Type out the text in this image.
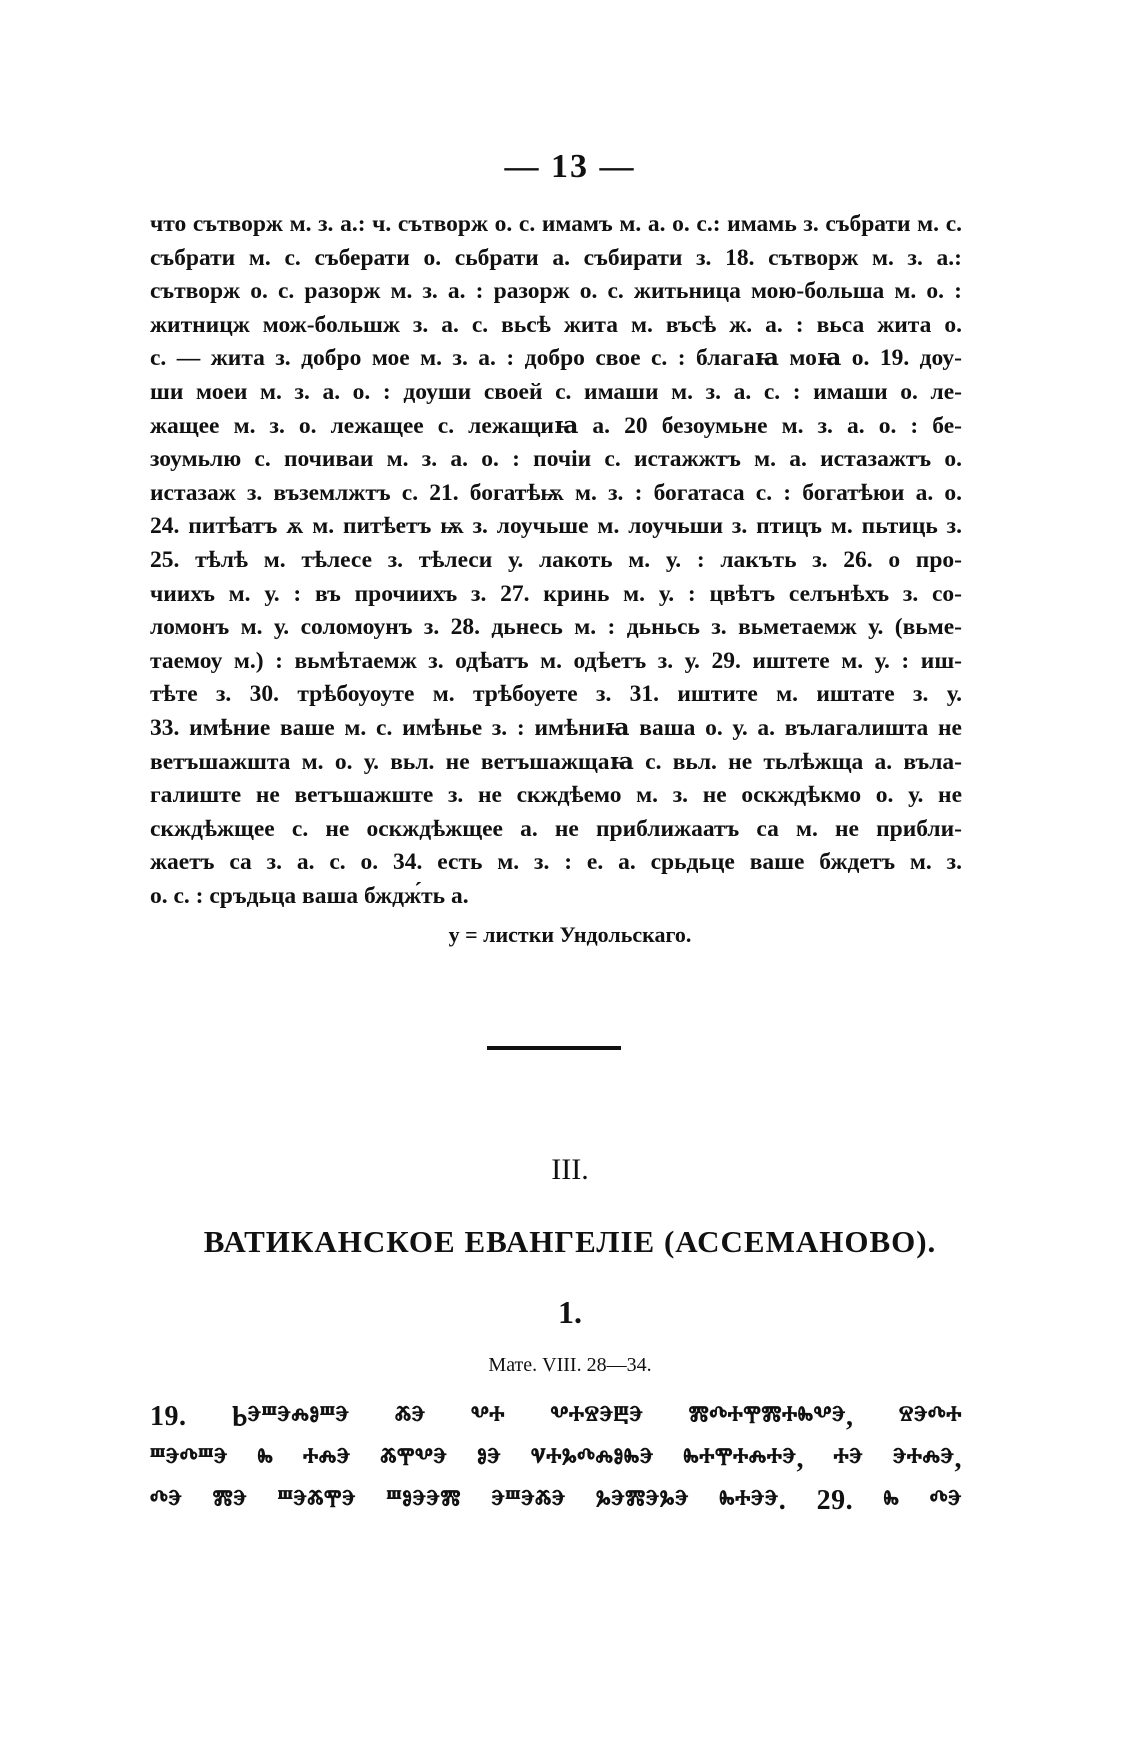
— 13 —
что сътворж м. з. а.: ч. сътворж о. с. имамъ м. а. о. с.: имамь з. събрати м. с.
събрати м. с. съберати о. сьбрати а. събирати з. 18. сътворж м. з. а.:
сътворж о. с. разорж м. з. а. : разорж о. с. житьница мою-больша м. о. :
житницж мож-большж з. а. с. вьсѣ жита м. въсѣ ж. а. : вьса жита о.
с. — жита з. добро мое м. з. а. : добро свое с. : благаꙗ моꙗ о. 19. доу-
ши моеи м. з. а. о. : доуши своей с. имаши м. з. а. с. : имаши о. ле-
жащее м. з. о. лежащее с. лежащиꙗ а. 20 безоумьне м. з. а. о. : бе-
зоумьлю с. почиваи м. з. а. о. : почiи с. истажжтъ м. а. истазажтъ о.
истазаж з. въземлжтъ с. 21. богатѣѭ м. з. : богатаса с. : богатѣюи а. о.
24. питѣатъ ѫ м. питѣетъ ѭ з. лоучьше м. лоучьши з. птицъ м. пьтиць з.
25. тѣлѣ м. тѣлесе з. тѣлеси у. лакоть м. у. : лакъть з. 26. о про-
чиихъ м. у. : въ прочиихъ з. 27. кринь м. у. : цвѣтъ селънѣхъ з. со-
ломонъ м. у. соломоунъ з. 28. дьнесь м. : дьньсь з. вьметаемж у. (вьме-
таемоу м.) : вьмѣтаемж з. одѣатъ м. одѣетъ з. у. 29. иштете м. у. : иш-
тѣте з. 30. трѣбоуоуте м. трѣбоуете з. 31. иштите м. иштате з. у.
33. имѣние ваше м. с. имѣнье з. : имѣниꙗ ваша о. у. а. вълагалишта не
ветъшажшта м. о. у. вьл. не ветъшажщаꙗ с. вьл. не тьлѣжща а. вълa-
галиште не ветъшажште з. не скждѣемо м. з. не оскждѣкмо о. у. не
скждѣжщее с. не оскждѣжщее а. не приближаатъ са м. не прибли-
жаетъ са з. а. с. о. 34. есть м. з. : е. а. срьдьце ваше бждетъ м. з.
о. с. : сръдьца ваша бждж́ть а.
у = листки Ундольскаго.
III.
ВАТИКАНСКОЕ ЕВАНГЕЛІЕ (АССЕМАНОВО).
1.
Мате. VIII. 28—34.
19. Ⱃⰵⱎⰵⰾⱁⱎⰵ ⰶⰵ ⰲⰰ ⰲⰰⱄⰵⰱⰵ ⰿⰴⰰⰹⰿⰰⰸⰲⰵ, ⱄⰵⰴⰰ
ⱎⰵⰴⱎⰵ ⰸ ⰰⰾⰵ ⰶⰹⰲⰵ ⱁⰵ ⱌⰰⰳⰴⰾⱁⰸⰵ ⰸⰰⰹⰰⰾⰰⰵ, ⰰⰵ ⰵⰰⰾⰵ,
ⰴⰵ ⰿⰵ ⱎⰵⰶⰹⰵ ⱎⱁⰵⰵⰿ ⰵⱎⰵⰶⰵ ⰳⰵⰿⰵⰳⰵ ⰸⰰⰵⰵ. 29. ⰸ ⰴⰵ
